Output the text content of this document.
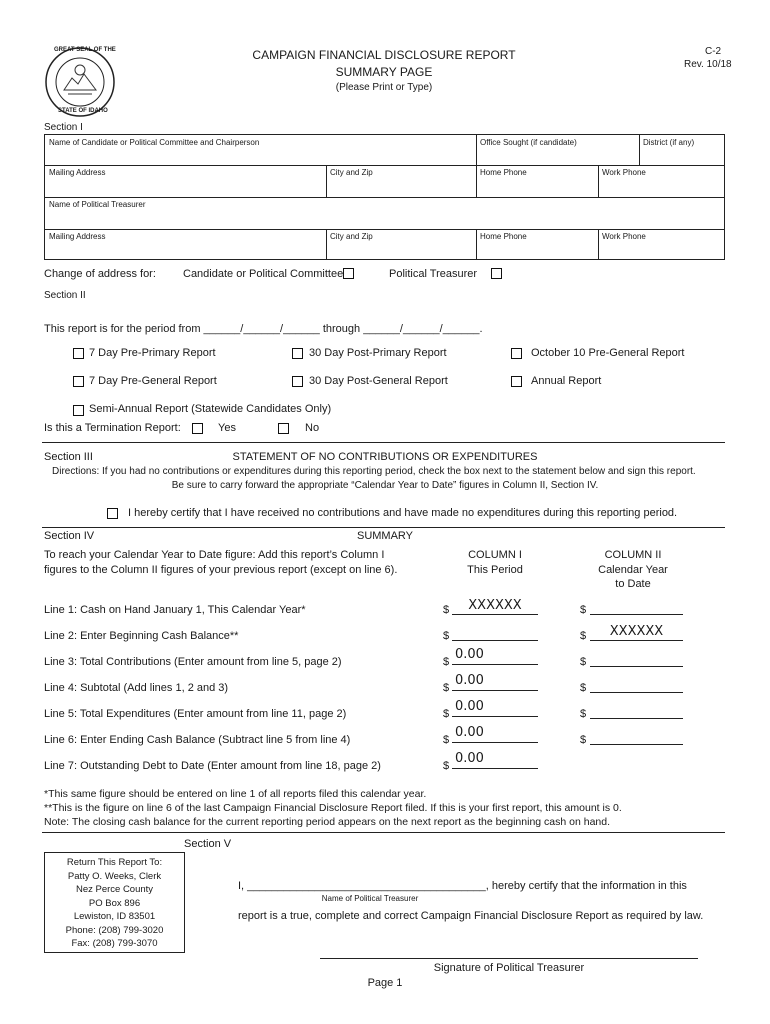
GREAT SEAL OF THE
STATE OF IDAHO
CAMPAIGN FINANCIAL DISCLOSURE REPORT
SUMMARY PAGE
(Please Print or Type)
C-2
Rev. 10/18
Section I
Name of Candidate or Political Committee and Chairperson	Office Sought (if candidate)	District (if any)
Mailing Address	City and Zip	Home Phone	Work Phone
Name of Political Treasurer
Mailing Address	City and Zip	Home Phone	Work Phone
Change of address for: Candidate or Political Committee	Political Treasurer
Section II
This report is for the period from ______/______/______ through ______/______/______.
7 Day Pre-Primary Report	30 Day Post-Primary Report	October 10 Pre-General Report
7 Day Pre-General Report	30 Day Post-General Report	Annual Report
Semi-Annual Report (Statewide Candidates Only)
Is this a Termination Report:	Yes	No
Section III	STATEMENT OF NO CONTRIBUTIONS OR EXPENDITURES
Directions: If you had no contributions or expenditures during this reporting period, check the box next to the statement below and sign this report.
Be sure to carry forward the appropriate “Calendar Year to Date” figures in Column II, Section IV.
I hereby certify that I have received no contributions and have made no expenditures during this reporting period.
Section IV	SUMMARY
To reach your Calendar Year to Date figure: Add this report’s Column I
figures to the Column II figures of your previous report (except on line 6).
COLUMN I
This Period
COLUMN II
Calendar Year
to Date
Line 1: Cash on Hand January 1, This Calendar Year*	$	XXXXXX	$
Line 2: Enter Beginning Cash Balance**	$	$	XXXXXX
Line 3: Total Contributions (Enter amount from line 5, page 2)	$ 0.00	$
Line 4: Subtotal (Add lines 1, 2 and 3)	$ 0.00	$
Line 5: Total Expenditures (Enter amount from line 11, page 2)	$ 0.00	$
Line 6: Enter Ending Cash Balance (Subtract line 5 from line 4)	$ 0.00	$
Line 7: Outstanding Debt to Date (Enter amount from line 18, page 2)	$ 0.00
*This same figure should be entered on line 1 of all reports filed this calendar year.
**This is the figure on line 6 of the last Campaign Financial Disclosure Report filed. If this is your first report, this amount is 0.
Note: The closing cash balance for the current reporting period appears on the next report as the beginning cash on hand.
Section V
Return This Report To:
Patty O. Weeks, Clerk
Nez Perce County
PO Box 896
Lewiston, ID 83501
Phone: (208) 799-3020
Fax: (208) 799-3070
I, _______________________________________, hereby certify that the information in this
Name of Political Treasurer
report is a true, complete and correct Campaign Financial Disclosure Report as required by law.
Signature of Political Treasurer
Page 1
